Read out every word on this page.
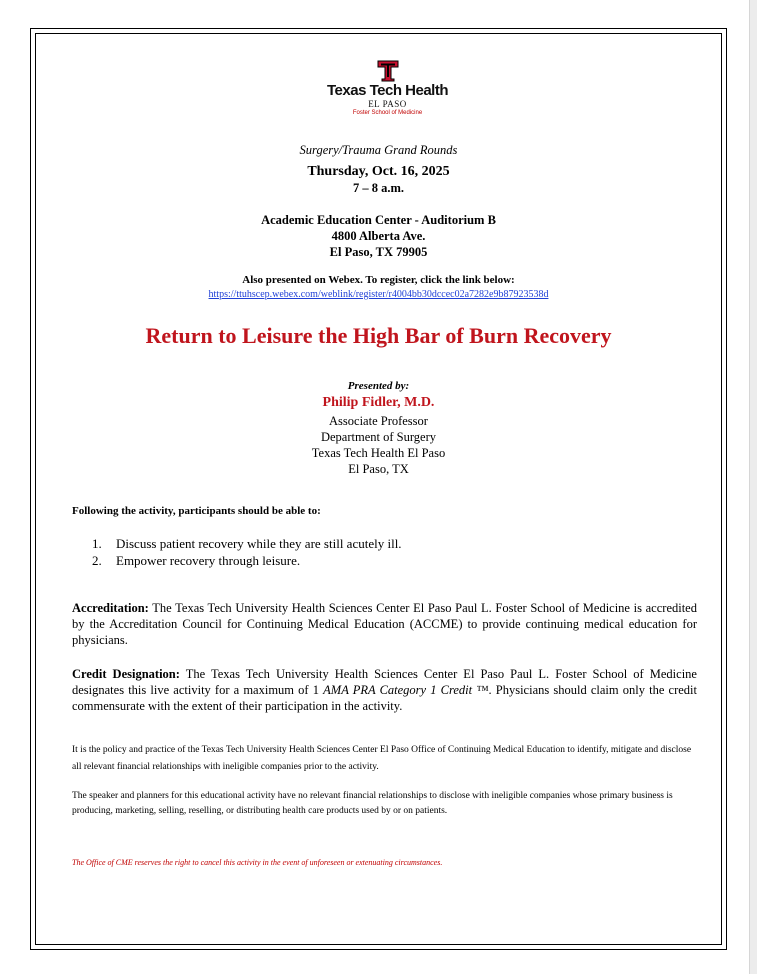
Texas Tech Health
EL PASO
Foster School of Medicine
Surgery/Trauma Grand Rounds
Thursday, Oct. 16, 2025
7 – 8 a.m.
Academic Education Center - Auditorium B
4800 Alberta Ave.
El Paso, TX 79905
Also presented on Webex. To register, click the link below:
https://ttuhscep.webex.com/weblink/register/r4004bb30dccec02a7282e9b87923538d
Return to Leisure the High Bar of Burn Recovery
Presented by:
Philip Fidler, M.D.
Associate Professor
Department of Surgery
Texas Tech Health El Paso
El Paso, TX
Following the activity, participants should be able to:
1. Discuss patient recovery while they are still acutely ill.
2. Empower recovery through leisure.
Accreditation: The Texas Tech University Health Sciences Center El Paso Paul L. Foster School of Medicine is accredited by the Accreditation Council for Continuing Medical Education (ACCME) to provide continuing medical education for physicians.
Credit Designation: The Texas Tech University Health Sciences Center El Paso Paul L. Foster School of Medicine designates this live activity for a maximum of 1 AMA PRA Category 1 Credit ™. Physicians should claim only the credit commensurate with the extent of their participation in the activity.
It is the policy and practice of the Texas Tech University Health Sciences Center El Paso Office of Continuing Medical Education to identify, mitigate and disclose all relevant financial relationships with ineligible companies prior to the activity.
The speaker and planners for this educational activity have no relevant financial relationships to disclose with ineligible companies whose primary business is producing, marketing, selling, reselling, or distributing health care products used by or on patients.
The Office of CME reserves the right to cancel this activity in the event of unforeseen or extenuating circumstances.
